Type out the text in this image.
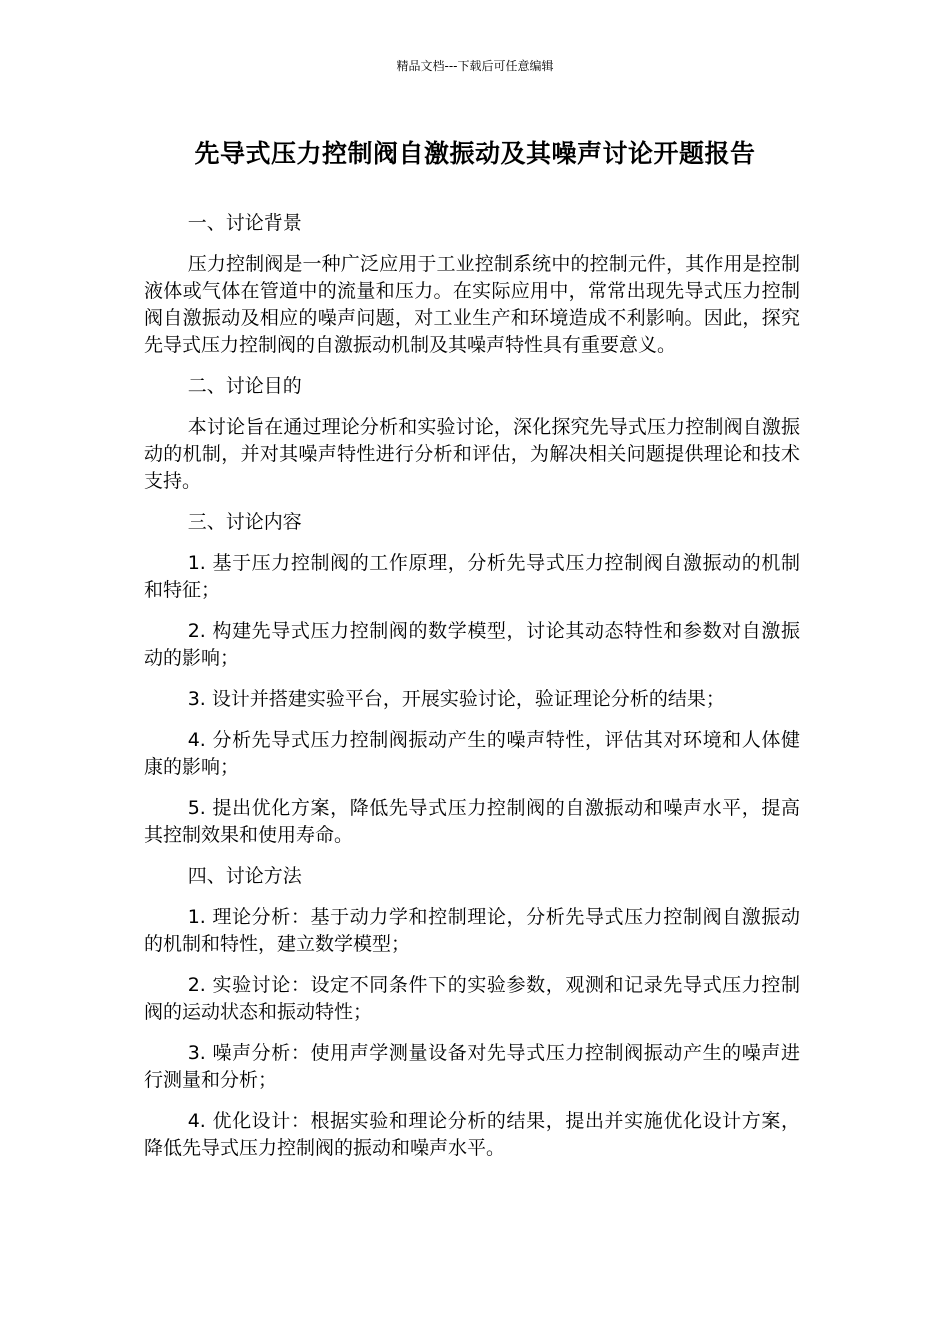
精品文档---下载后可任意编辑
先导式压力控制阀自激振动及其噪声讨论开题报告

一、讨论背景

压力控制阀是一种广泛应用于工业控制系统中的控制元件，其作用是控制液体或气体在管道中的流量和压力。在实际应用中，常常出现先导式压力控制阀自激振动及相应的噪声问题，对工业生产和环境造成不利影响。因此，探究先导式压力控制阀的自激振动机制及其噪声特性具有重要意义。

二、讨论目的

本讨论旨在通过理论分析和实验讨论，深化探究先导式压力控制阀自激振动的机制，并对其噪声特性进行分析和评估，为解决相关问题提供理论和技术支持。

三、讨论内容

1. 基于压力控制阀的工作原理，分析先导式压力控制阀自激振动的机制和特征；

2. 构建先导式压力控制阀的数学模型，讨论其动态特性和参数对自激振动的影响；

3. 设计并搭建实验平台，开展实验讨论，验证理论分析的结果；

4. 分析先导式压力控制阀振动产生的噪声特性，评估其对环境和人体健康的影响；

5. 提出优化方案，降低先导式压力控制阀的自激振动和噪声水平，提高其控制效果和使用寿命。

四、讨论方法

1. 理论分析：基于动力学和控制理论，分析先导式压力控制阀自激振动的机制和特性，建立数学模型；

2. 实验讨论：设定不同条件下的实验参数，观测和记录先导式压力控制阀的运动状态和振动特性；

3. 噪声分析：使用声学测量设备对先导式压力控制阀振动产生的噪声进行测量和分析；

4. 优化设计：根据实验和理论分析的结果，提出并实施优化设计方案，降低先导式压力控制阀的振动和噪声水平。
